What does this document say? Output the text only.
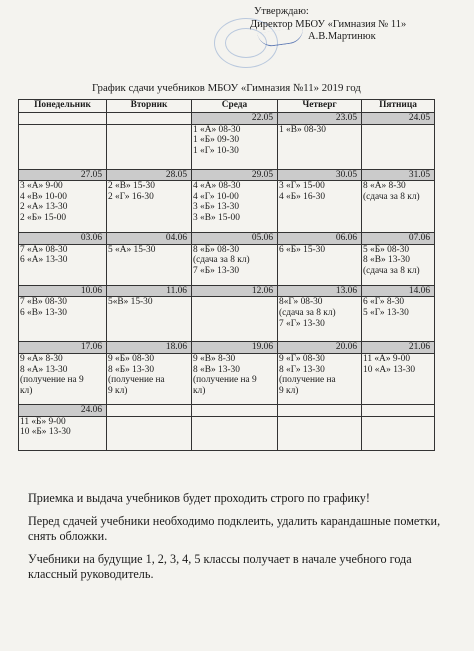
Утверждаю:
Директор МБОУ «Гимназия № 11»
А.В.Мартинюк
График сдачи учебников МБОУ «Гимназия №11» 2019 год
Понедельник	Вторник	Среда	Четверг	Пятница
		22.05	23.05	24.05

		1 «А» 08-30
1 «Б» 09-30
1 «Г» 10-30	1 «В» 08-30	

27.05	28.05	29.05	30.05	31.05

3 «А» 9-00
4 «В» 10-00
2 «А» 13-30
2 «Б» 15-00	2 «В» 15-30
2 «Г» 16-30	4 «А» 08-30
4 «Г» 10-00
3 «Б» 13-30
3 «В» 15-00	3 «Г» 15-00
4 «Б» 16-30	8 «А» 8-30
(сдача за 8 кл)

03.06	04.06	05.06	06.06	07.06

7 «А» 08-30
6 «А» 13-30	5 «А» 15-30	8 «Б» 08-30
(сдача за 8 кл)
7 «Б» 13-30	6 «Б» 15-30	5 «Б» 08-30
8 «В» 13-30
(сдача за 8 кл)

10.06	11.06	12.06	13.06	14.06

7 «В» 08-30
6 «В» 13-30	5«В» 15-30		8«Г» 08-30
(сдача за 8 кл)
7 «Г» 13-30	6 «Г» 8-30
5 «Г» 13-30

17.06	18.06	19.06	20.06	21.06

9 «А» 8-30
8 «А» 13-30
(получение на 9
кл)	9 «Б» 08-30
8 «Б» 13-30
(получение на
9 кл)	9 «В» 8-30
8 «В» 13-30
(получение на 9
кл)	9 «Г» 08-30
8 «Г» 13-30
(получение на
9 кл)	11 «А» 9-00
10 «А» 13-30

24.06				

11 «Б» 9-00
10 «Б» 13-30				

Приемка и выдача учебников будет проходить строго по графику!

Перед сдачей учебники необходимо подклеить, удалить карандашные пометки, снять обложки.

Учебники на будущие 1, 2, 3, 4, 5 классы получает в начале учебного года классный руководитель.
